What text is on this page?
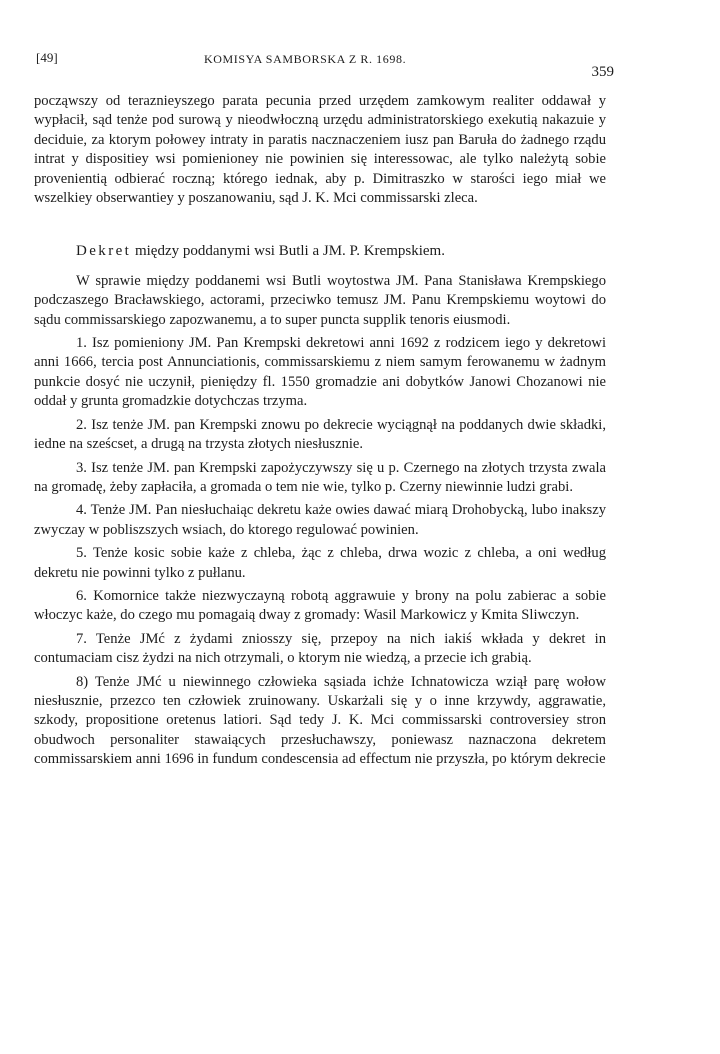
[49]	KOMISYA SAMBORSKA Z R. 1698.
359

począwszy od teraznieyszego parata pecunia przed urzędem zamkowym realiter oddawał y wypłacił, sąd tenże pod surową y nieodwłoczną urzędu administratorskiego exekutią nakazuie y deciduie, za ktorym połowey intraty in paratis nacznaczeniem iusz pan Baruła do żadnego rządu intrat y dispositiey wsi pomienioney nie powinien się interessowac, ale tylko należytą sobie provenientią odbierać roczną; którego iednak, aby p. Dimitraszko w starości iego miał we wszelkiey obserwantiey y poszanowaniu, sąd J. K. Mci commissarski zleca.

Dekret między poddanymi wsi Butli a JM. P. Krempskiem.

W sprawie między poddanemi wsi Butli woytostwa JM. Pana Stanisława Krempskiego podczaszego Bracławskiego, actorami, przeciwko temusz JM. Panu Krempskiemu woytowi do sądu commissarskiego zapozwanemu, a to super puncta supplik tenoris eiusmodi.

1. Isz pomieniony JM. Pan Krempski dekretowi anni 1692 z rodzicem iego y dekretowi anni 1666, tercia post Annunciationis, commissarskiemu z niem samym ferowanemu w żadnym punkcie dosyć nie uczynił, pieniędzy fl. 1550 gromadzie ani dobytków Janowi Chozanowi nie oddał y grunta gromadzkie dotychczas trzyma.

2. Isz tenże JM. pan Krempski znowu po dekrecie wyciągnął na poddanych dwie składki, iedne na sześcset, a drugą na trzysta złotych niesłusznie.

3. Isz tenże JM. pan Krempski zapożyczywszy się u p. Czernego na złotych trzysta zwala na gromadę, żeby zapłaciła, a gromada o tem nie wie, tylko p. Czerny niewinnie ludzi grabi.

4. Tenże JM. Pan niesłuchaiąc dekretu każe owies dawać miarą Drohobycką, lubo inakszy zwyczay w pobliszszych wsiach, do ktorego regulować powinien.

5. Tenże kosic sobie każe z chleba, żąc z chleba, drwa wozic z chleba, a oni według dekretu nie powinni tylko z pułlanu.

6. Komornice także niezwyczayną robotą aggrawuie y brony na polu zabierac a sobie włoczyc każe, do czego mu pomagaią dway z gromady: Wasil Markowicz y Kmita Sliwczyn.

7. Tenże JMć z żydami zniosszy się, przepoy na nich iakiś wkłada y dekret in contumaciam cisz żydzi na nich otrzymali, o ktorym nie wiedzą, a przecie ich grabią.

8) Tenże JMć u niewinnego człowieka sąsiada ichże Ichnatowicza wziął parę wołow niesłusznie, przezco ten człowiek zruinowany. Uskarżali się y o inne krzywdy, aggrawatie, szkody, propositione oretenus latiori. Sąd tedy J. K. Mci commissarski controversiey stron obudwoch personaliter stawaiących przesłuchawszy, poniewasz naznaczona dekretem commissarskiem anni 1696 in fundum condescensia ad effectum nie przyszła, po którym dekrecie
